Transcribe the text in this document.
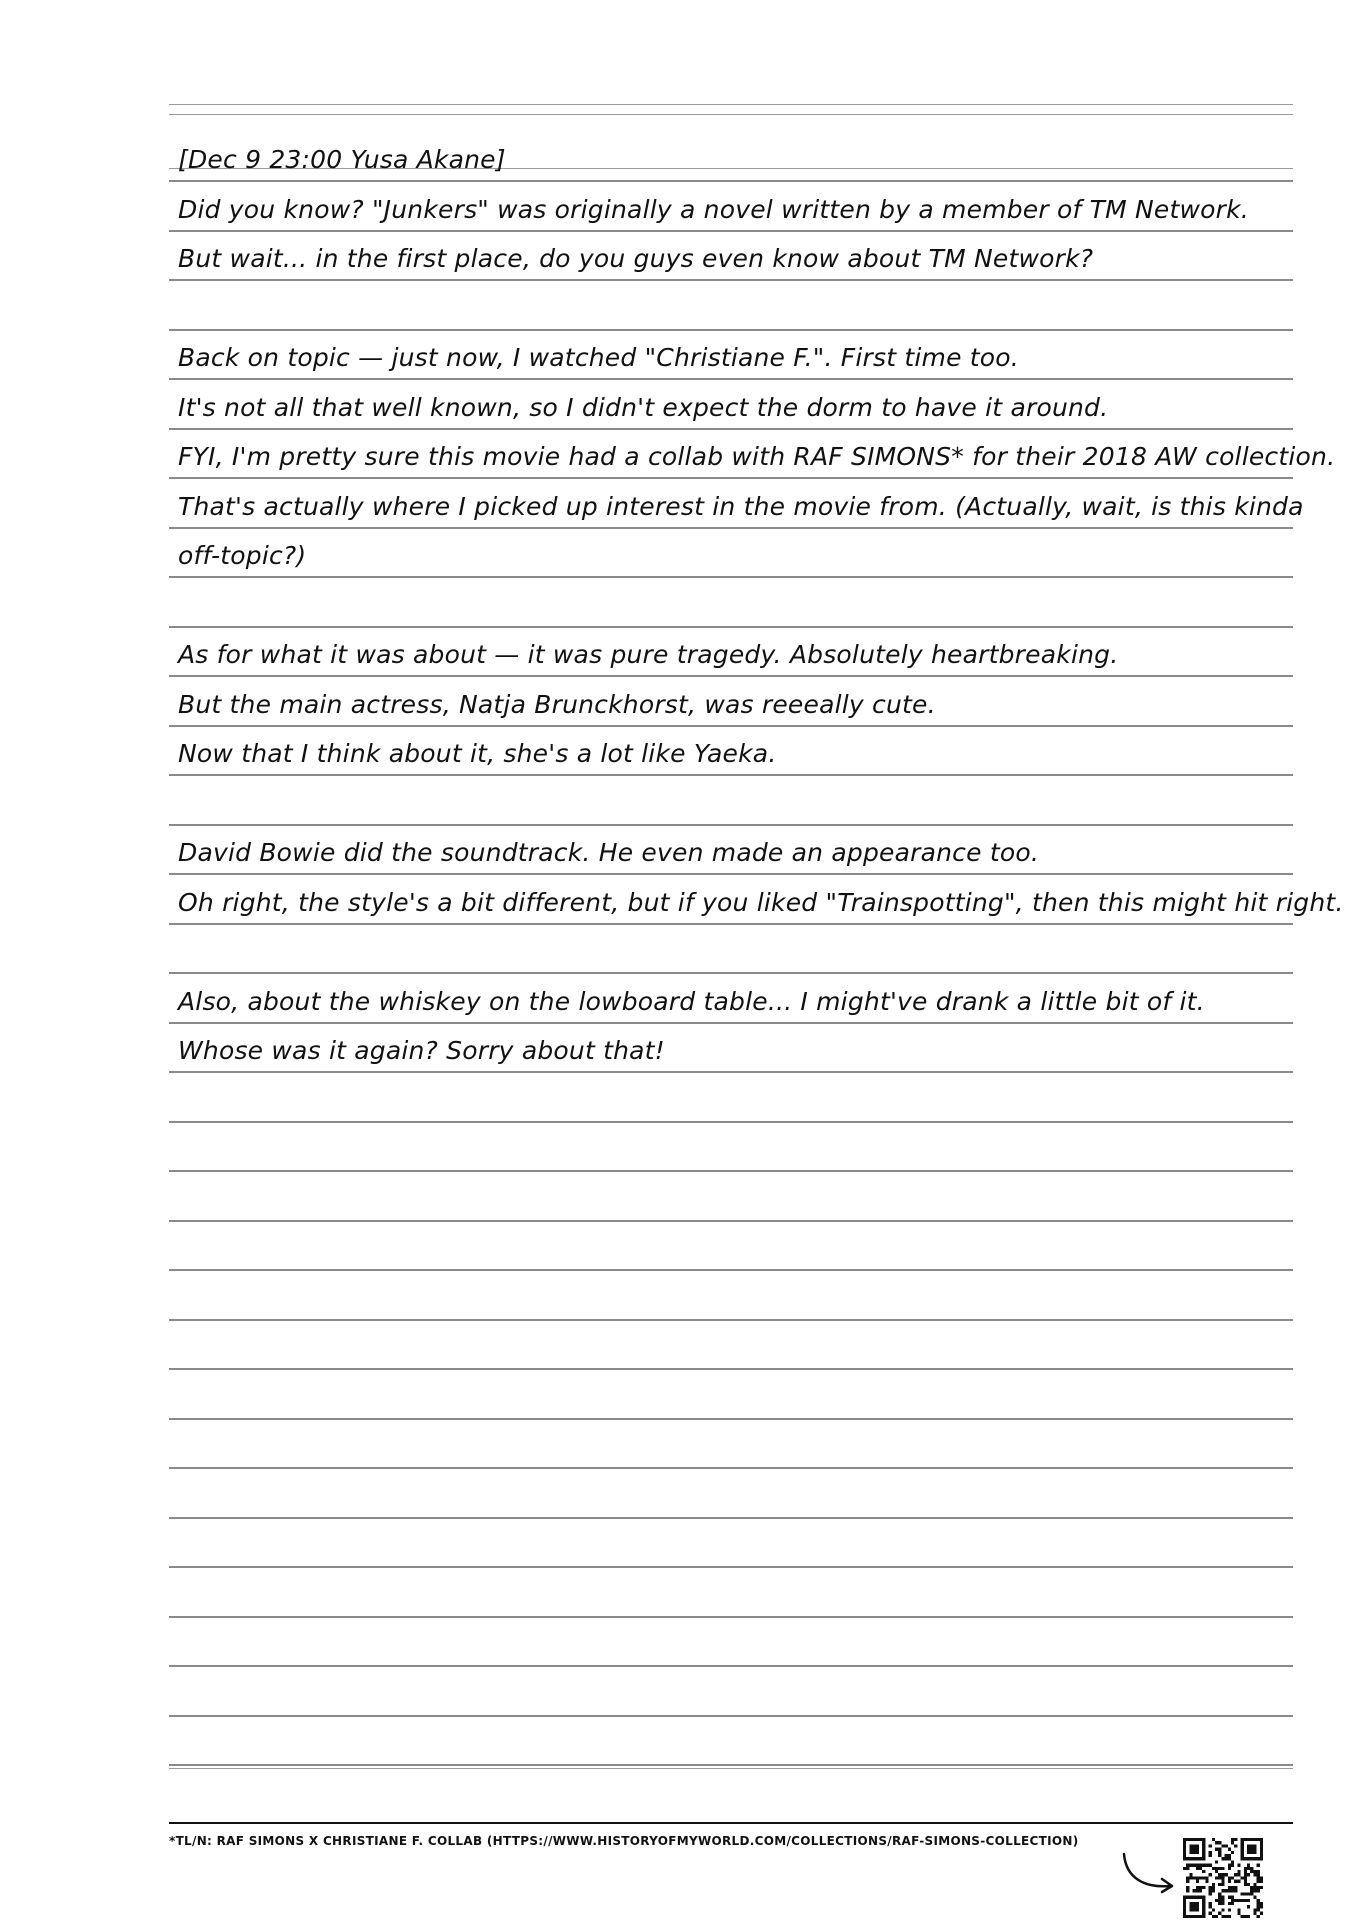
[Dec 9 23:00 Yusa Akane]
Did you know? "Junkers" was originally a novel written by a member of TM Network.
But wait... in the first place, do you guys even know about TM Network?
Back on topic — just now, I watched "Christiane F.". First time too.
It's not all that well known, so I didn't expect the dorm to have it around.
FYI, I'm pretty sure this movie had a collab with RAF SIMONS* for their 2018 AW collection.
That's actually where I picked up interest in the movie from. (Actually, wait, is this kinda
off-topic?)
As for what it was about — it was pure tragedy. Absolutely heartbreaking.
But the main actress, Natja Brunckhorst, was reeeally cute.
Now that I think about it, she's a lot like Yaeka.
David Bowie did the soundtrack. He even made an appearance too.
Oh right, the style's a bit different, but if you liked "Trainspotting", then this might hit right.
Also, about the whiskey on the lowboard table... I might've drank a little bit of it.
Whose was it again? Sorry about that!
*TL/N: RAF SIMONS X CHRISTIANE F. COLLAB (HTTPS://WWW.HISTORYOFMYWORLD.COM/COLLECTIONS/RAF-SIMONS-COLLECTION)
